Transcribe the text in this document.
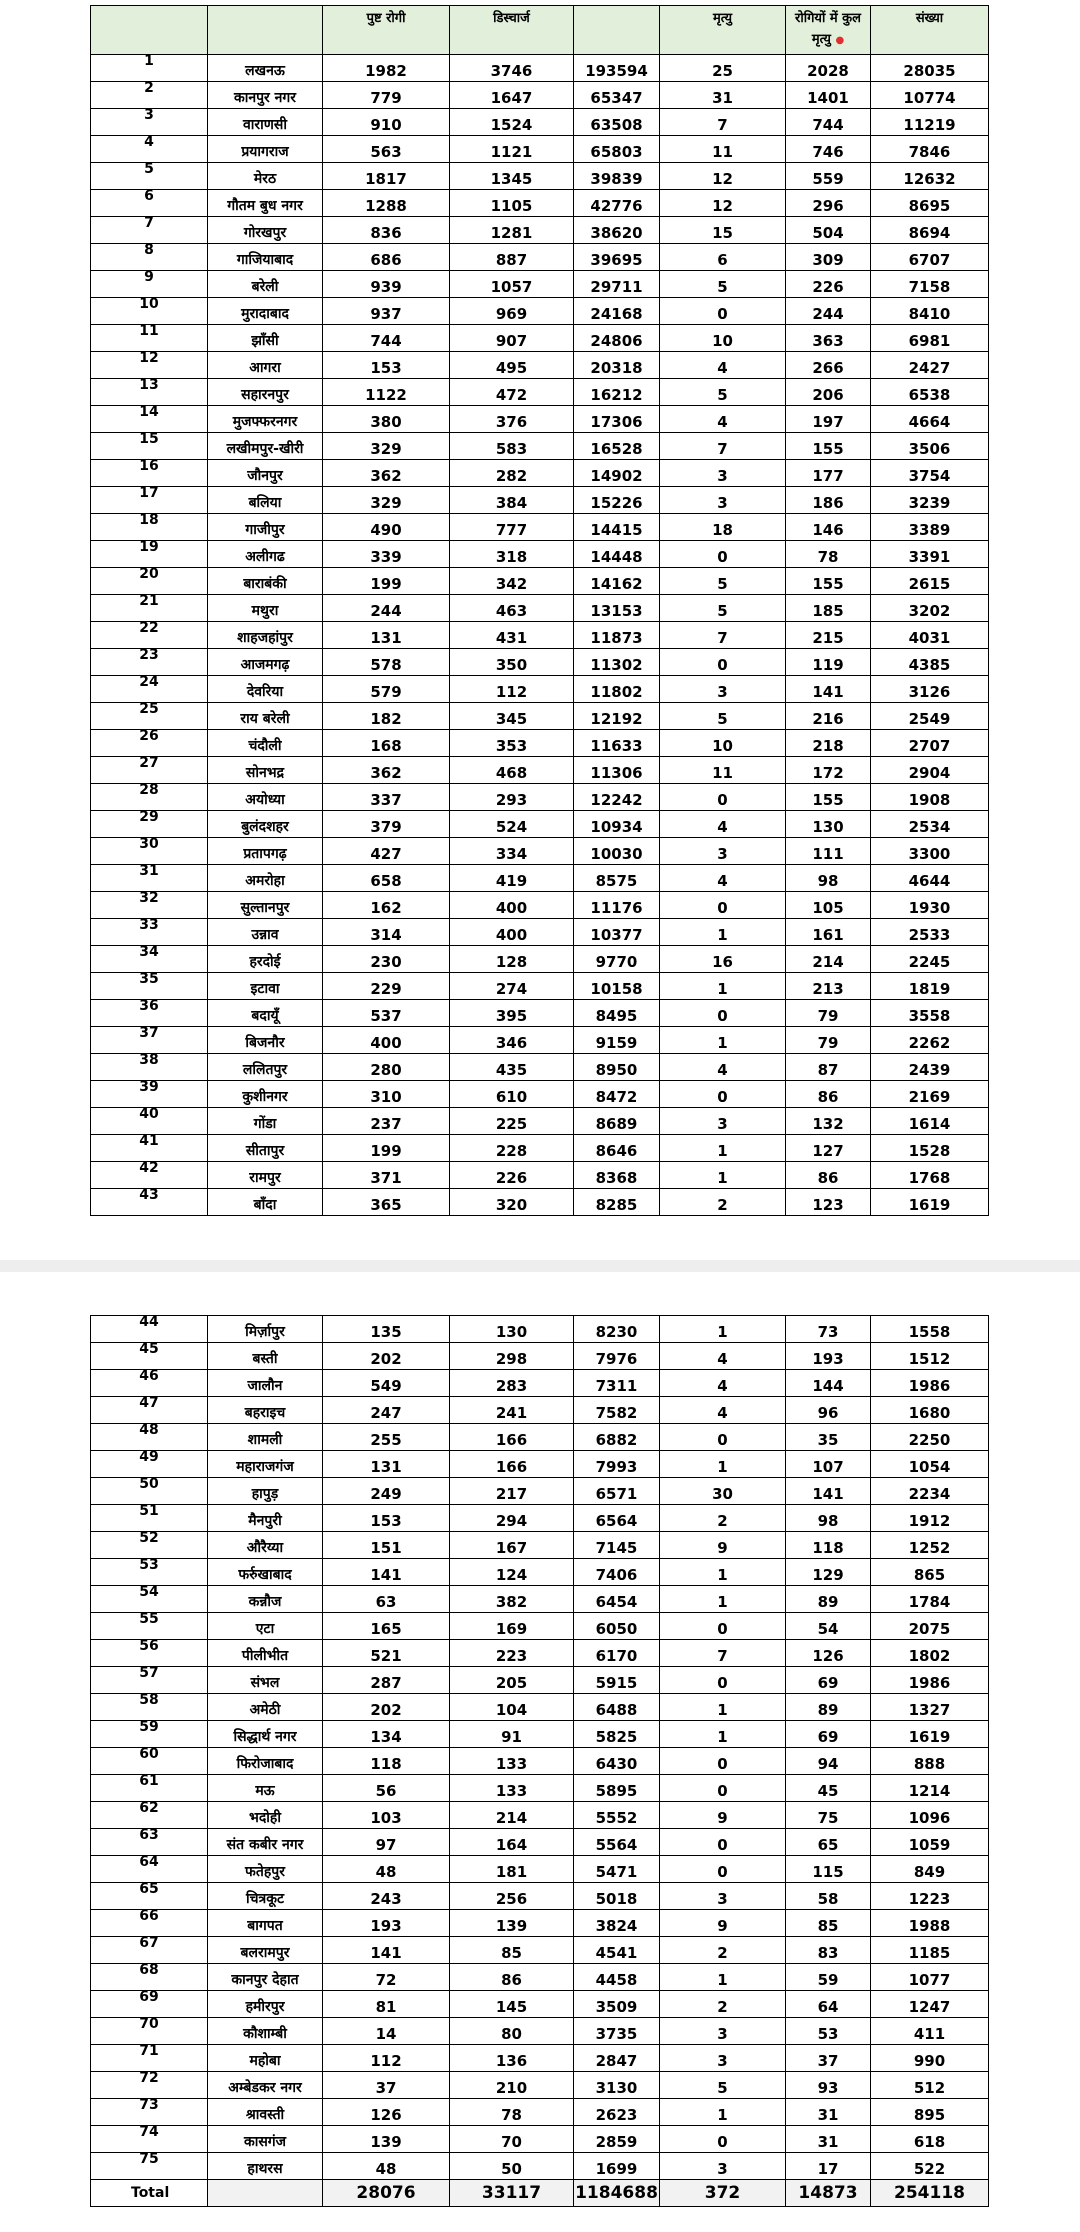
		पुष्ट रोगी	डिस्चार्ज		मृत्यु	रोगियों में कुल मृत्यु ●	संख्या
1	लखनऊ	1982	3746	193594	25	2028	28035
2	कानपुर नगर	779	1647	65347	31	1401	10774
3	वाराणसी	910	1524	63508	7	744	11219
4	प्रयागराज	563	1121	65803	11	746	7846
5	मेरठ	1817	1345	39839	12	559	12632
6	गौतम बुध नगर	1288	1105	42776	12	296	8695
7	गोरखपुर	836	1281	38620	15	504	8694
8	गाजियाबाद	686	887	39695	6	309	6707
9	बरेली	939	1057	29711	5	226	7158
10	मुरादाबाद	937	969	24168	0	244	8410
11	झाँसी	744	907	24806	10	363	6981
12	आगरा	153	495	20318	4	266	2427
13	सहारनपुर	1122	472	16212	5	206	6538
14	मुजफ्फरनगर	380	376	17306	4	197	4664
15	लखीमपुर-खीरी	329	583	16528	7	155	3506
16	जौनपुर	362	282	14902	3	177	3754
17	बलिया	329	384	15226	3	186	3239
18	गाजीपुर	490	777	14415	18	146	3389
19	अलीगढ	339	318	14448	0	78	3391
20	बाराबंकी	199	342	14162	5	155	2615
21	मथुरा	244	463	13153	5	185	3202
22	शाहजहांपुर	131	431	11873	7	215	4031
23	आजमगढ़	578	350	11302	0	119	4385
24	देवरिया	579	112	11802	3	141	3126
25	राय बरेली	182	345	12192	5	216	2549
26	चंदौली	168	353	11633	10	218	2707
27	सोनभद्र	362	468	11306	11	172	2904
28	अयोध्या	337	293	12242	0	155	1908
29	बुलंदशहर	379	524	10934	4	130	2534
30	प्रतापगढ़	427	334	10030	3	111	3300
31	अमरोहा	658	419	8575	4	98	4644
32	सुल्तानपुर	162	400	11176	0	105	1930
33	उन्नाव	314	400	10377	1	161	2533
34	हरदोई	230	128	9770	16	214	2245
35	इटावा	229	274	10158	1	213	1819
36	बदायूँ	537	395	8495	0	79	3558
37	बिजनौर	400	346	9159	1	79	2262
38	ललितपुर	280	435	8950	4	87	2439
39	कुशीनगर	310	610	8472	0	86	2169
40	गोंडा	237	225	8689	3	132	1614
41	सीतापुर	199	228	8646	1	127	1528
42	रामपुर	371	226	8368	1	86	1768
43	बाँदा	365	320	8285	2	123	1619
44	मिर्ज़ापुर	135	130	8230	1	73	1558
45	बस्ती	202	298	7976	4	193	1512
46	जालौन	549	283	7311	4	144	1986
47	बहराइच	247	241	7582	4	96	1680
48	शामली	255	166	6882	0	35	2250
49	महाराजगंज	131	166	7993	1	107	1054
50	हापुड़	249	217	6571	30	141	2234
51	मैनपुरी	153	294	6564	2	98	1912
52	औरैय्या	151	167	7145	9	118	1252
53	फर्रुखाबाद	141	124	7406	1	129	865
54	कन्नौज	63	382	6454	1	89	1784
55	एटा	165	169	6050	0	54	2075
56	पीलीभीत	521	223	6170	7	126	1802
57	संभल	287	205	5915	0	69	1986
58	अमेठी	202	104	6488	1	89	1327
59	सिद्धार्थ नगर	134	91	5825	1	69	1619
60	फिरोजाबाद	118	133	6430	0	94	888
61	मऊ	56	133	5895	0	45	1214
62	भदोही	103	214	5552	9	75	1096
63	संत कबीर नगर	97	164	5564	0	65	1059
64	फतेहपुर	48	181	5471	0	115	849
65	चित्रकूट	243	256	5018	3	58	1223
66	बागपत	193	139	3824	9	85	1988
67	बलरामपुर	141	85	4541	2	83	1185
68	कानपुर देहात	72	86	4458	1	59	1077
69	हमीरपुर	81	145	3509	2	64	1247
70	कौशाम्बी	14	80	3735	3	53	411
71	महोबा	112	136	2847	3	37	990
72	अम्बेडकर नगर	37	210	3130	5	93	512
73	श्रावस्ती	126	78	2623	1	31	895
74	कासगंज	139	70	2859	0	31	618
75	हाथरस	48	50	1699	3	17	522
Total		28076	33117	1184688	372	14873	254118
